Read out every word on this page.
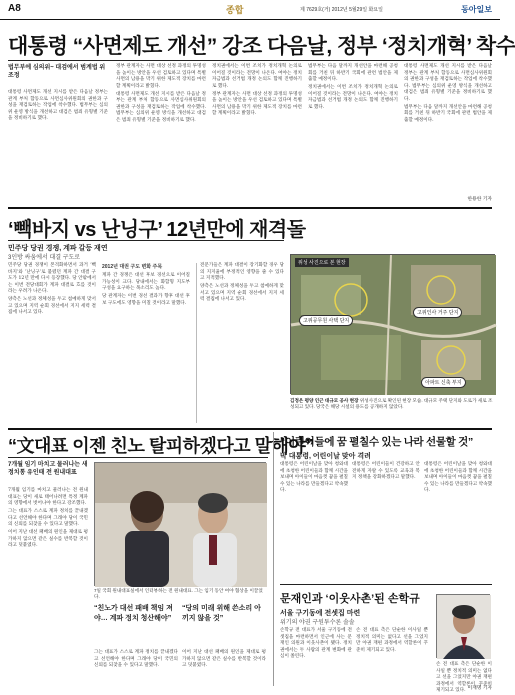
A8	종합	제 7629호(거) 2012년 5월29일 화요일	동아일보
대통령 “사면제도 개선” 강조 다음날, 정부 ‘정치개혁’ 착수
법무부에 심의위~ 대검에서 범계법 위 조정

대통령 사면제도 개선 지시를 받은 다음날 정부는 관계 부처 합동으로 사면심사위원회의 권한과 구성을 재검토하는 작업에 착수했다. 법무부는 심의위 운영 방식을 개선하고 대검은 범죄 유형별 기준을 정비하기로 했다.

정부 관계자는 사면 대상 선정 과정의 투명성을 높이는 방안을 우선 검토하고 있다며 특별사면의 남용을 막기 위한 제도적 장치를 마련할 계획이라고 밝혔다.

대통령 사면제도 개선 지시를 받은 다음날 정부는 관계 부처 합동으로 사면심사위원회의 권한과 구성을 재검토하는 작업에 착수했다. 법무부는 심의위 운영 방식을 개선하고 대검은 범죄 유형별 기준을 정비하기로 했다.

정치권에서는 이번 조치가 정치개혁 논의로 이어질 것이라는 전망이 나온다. 여야는 정치자금법과 선거법 개정 논의도 함께 진행하기로 했다.

정부 관계자는 사면 대상 선정 과정의 투명성을 높이는 방안을 우선 검토하고 있다며 특별사면의 남용을 막기 위한 제도적 장치를 마련할 계획이라고 밝혔다.

법무부는 다음 달까지 개선안을 마련해 공청회를 거친 뒤 하반기 국회에 관련 법안을 제출할 예정이다.

정치권에서는 이번 조치가 정치개혁 논의로 이어질 것이라는 전망이 나온다. 여야는 정치자금법과 선거법 개정 논의도 함께 진행하기로 했다.

대통령 사면제도 개선 지시를 받은 다음날 정부는 관계 부처 합동으로 사면심사위원회의 권한과 구성을 재검토하는 작업에 착수했다. 법무부는 심의위 운영 방식을 개선하고 대검은 범죄 유형별 기준을 정비하기로 했다.

법무부는 다음 달까지 개선안을 마련해 공청회를 거친 뒤 하반기 국회에 관련 법안을 제출할 예정이다.

한용한 기자
‘빽바지 vs 난닝구’ 12년만에 재격돌
민주당 당권 경쟁, 계파 갈등 재연
3인방 싸움에서 대결 구도로

민주당 당권 경쟁이 본격화하면서 과거 ‘빽바지’와 ‘난닝구’로 불렸던 계파 간 대결 구도가 12년 만에 다시 등장했다. 당 안팎에서는 이번 전당대회가 계파 대결로 흐를 것이라는 우려가 나온다.

양측은 노선과 정체성을 두고 첨예하게 맞서고 있으며 지역 순회 경선에서 지지 세력 결집에 나서고 있다.

2012년 대권 구도 변화 주목

계파 간 경쟁은 대선 후보 경선으로 이어질 가능성이 크다. 당내에서는 화합형 지도부 구성을 요구하는 목소리도 높다.

당 관계자는 이번 경선 결과가 향후 대선 후보 구도에도 영향을 미칠 것이라고 말했다.

전문가들은 계파 대결이 장기화할 경우 당의 지지율에 부정적인 영향을 줄 수 있다고 지적했다.

양측은 노선과 정체성을 두고 첨예하게 맞서고 있으며 지역 순회 경선에서 지지 세력 결집에 나서고 있다.

위성 사진으로 본 현장
고위공무원 사택 단지
고위인사 거주 단지
아파트 신축 부지
김정은 평양 인근 대규모 공사 현장 위성사진으로 확인된 현장 모습. 대규모 주택 단지와 도로가 새로 조성되고 있다. 당국은 해당 시설의 용도를 공개하지 않았다.
“文대표 이젠 친노 탈피하겠다고 말해야”
7개월 임기 마치고 물러나는 새정치통 유인태 전 원내대표

7개월 임기를 마치고 물러나는 전 원내대표는 당이 새로 태어나려면 특정 계파의 영향에서 벗어나야 한다고 강조했다.

그는 대표가 스스로 계파 정치를 끝내겠다고 선언해야 한다며 그래야 당이 국민의 신뢰를 되찾을 수 있다고 말했다.

이어 지난 대선 패배의 원인을 제대로 평가하지 않으면 같은 실수를 반복할 것이라고 덧붙였다.

7일 국회 원내대표실에서 인터뷰하는 전 원내대표. 그는 임기 동안 여야 협상을 이끌었다.
“친노가 대선 패배 책임 져야… 계파 정치 청산해야”
“당의 미래 위해 쓴소리 아끼지 않을 것”

그는 대표가 스스로 계파 정치를 끝내겠다고 선언해야 한다며 그래야 당이 국민의 신뢰를 되찾을 수 있다고 말했다.

이어 지난 대선 패배의 원인을 제대로 평가하지 않으면 같은 실수를 반복할 것이라고 덧붙였다.

“어린이들에 꿈 펼칠수 있는 나라 선물할 것”
박 대통령, 어린이날 맞아 격려

대통령은 어린이날을 맞아 청와대에 초청한 어린이들과 함께 시간을 보내며 아이들이 마음껏 꿈을 펼칠 수 있는 나라를 만들겠다고 약속했다.

대통령은 어린이들이 건강하고 안전하게 자랄 수 있도록 교육과 복지 정책을 강화하겠다고 말했다.

대통령은 어린이날을 맞아 청와대에 초청한 어린이들과 함께 시간을 보내며 아이들이 마음껏 꿈을 펼칠 수 있는 나라를 만들겠다고 약속했다.

문재인과 ‘이웃사촌’된 손학규
서울 구기동에 전셋집 마련
위기의 야권 구원투수론 솔솔

손학규 전 대표가 서울 구기동에 전셋집을 마련하면서 인근에 사는 문재인 의원과 이웃사촌이 됐다. 정치권에서는 두 사람의 관계 변화에 관심이 쏠린다.

손 전 대표 측은 단순한 이사일 뿐 정치적 의미는 없다고 선을 그었지만 야권 재편 과정에서 역할론이 꾸준히 제기되고 있다.

손 전 대표 측은 단순한 이사일 뿐 정치적 의미는 없다고 선을 그었지만 야권 재편 과정에서 역할론이 꾸준히 제기되고 있다. 이재명 기자
